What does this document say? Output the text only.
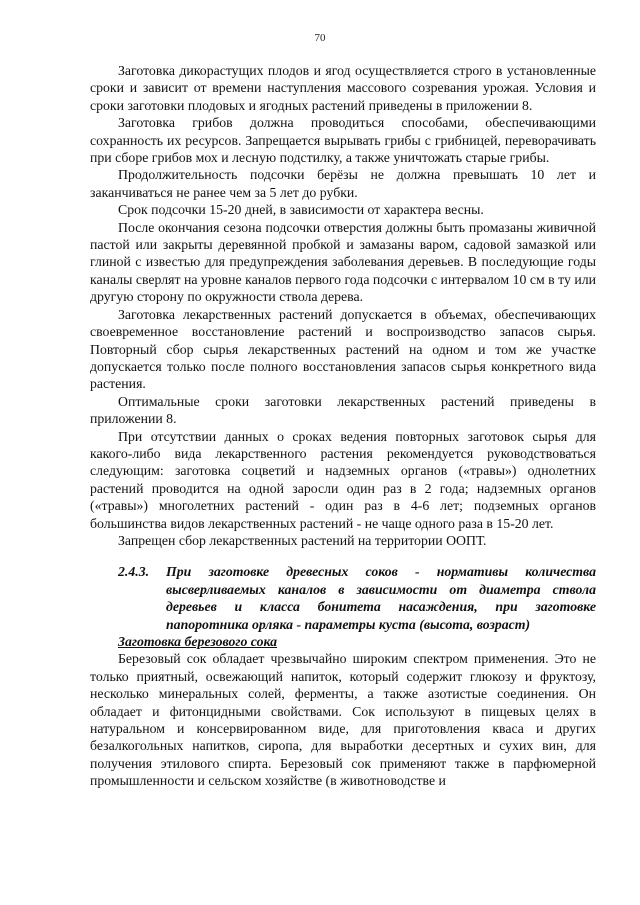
70

Заготовка дикорастущих плодов и ягод осуществляется строго в установленные сроки и зависит от времени наступления массового созревания урожая. Условия и сроки заготовки плодовых и ягодных растений приведены в приложении 8.

Заготовка грибов должна проводиться способами, обеспечивающими сохранность их ресурсов. Запрещается вырывать грибы с грибницей, переворачивать при сборе грибов мох и лесную подстилку, а также уничтожать старые грибы.

Продолжительность подсочки берёзы не должна превышать 10 лет и заканчиваться не ранее чем за 5 лет до рубки.

Срок подсочки 15-20 дней, в зависимости от характера весны.

После окончания сезона подсочки отверстия должны быть промазаны живичной пастой или закрыты деревянной пробкой и замазаны варом, садовой замазкой или глиной с известью для предупреждения заболевания деревьев. В последующие годы каналы сверлят на уровне каналов первого года подсочки с интервалом 10 см в ту или другую сторону по окружности ствола дерева.

Заготовка лекарственных растений допускается в объемах, обеспечивающих своевременное восстановление растений и воспроизводство запасов сырья. Повторный сбор сырья лекарственных растений на одном и том же участке допускается только после полного восстановления запасов сырья конкретного вида растения.

Оптимальные сроки заготовки лекарственных растений приведены в приложении 8.

При отсутствии данных о сроках ведения повторных заготовок сырья для какого-либо вида лекарственного растения рекомендуется руководствоваться следующим: заготовка соцветий и надземных органов («травы») однолетних растений проводится на одной заросли один раз в 2 года; надземных органов («травы») многолетних растений - один раз в 4-6 лет; подземных органов большинства видов лекарственных растений - не чаще одного раза в 15-20 лет.

Запрещен сбор лекарственных растений на территории ООПТ.

2.4.3.	При заготовке древесных соков - нормативы количества высверливаемых каналов в зависимости от диаметра ствола деревьев и класса бонитета насаждения, при заготовке папоротника орляка - параметры куста (высота, возраст)

Заготовка березового сока

Березовый сок обладает чрезвычайно широким спектром применения. Это не только приятный, освежающий напиток, который содержит глюкозу и фруктозу, несколько минеральных солей, ферменты, а также азотистые соединения. Он обладает и фитонцидными свойствами. Сок используют в пищевых целях в натуральном и консервированном виде, для приготовления кваса и других безалкогольных напитков, сиропа, для выработки десертных и сухих вин, для получения этилового спирта. Березовый сок применяют также в парфюмерной промышленности и сельском хозяйстве (в животноводстве и
